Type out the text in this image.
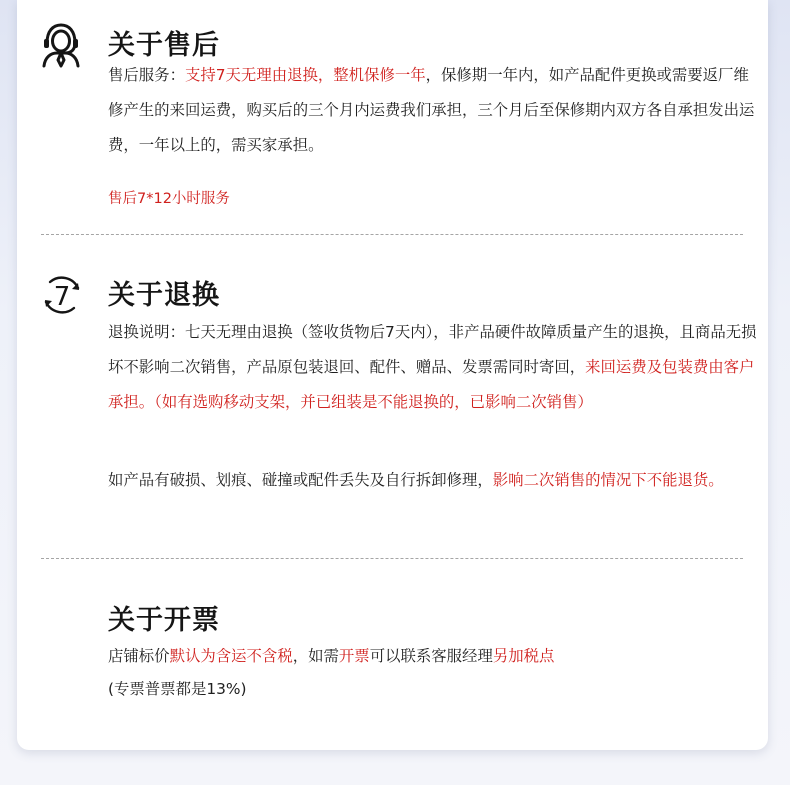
关于售后
售后服务：支持7天无理由退换，整机保修一年，保修期一年内，如产品配件更换或需要返厂维修产生的来回运费，购买后的三个月内运费我们承担，三个月后至保修期内双方各自承担发出运费，一年以上的，需买家承担。
售后7*12小时服务
7 关于退换
退换说明：七天无理由退换（签收货物后7天内），非产品硬件故障质量产生的退换，且商品无损坏不影响二次销售，产品原包装退回、配件、赠品、发票需同时寄回，来回运费及包装费由客户承担。（如有选购移动支架，并已组装是不能退换的，已影响二次销售）
如产品有破损、划痕、碰撞或配件丢失及自行拆卸修理，影响二次销售的情况下不能退货。
关于开票
店铺标价默认为含运不含税，如需开票可以联系客服经理另加税点
(专票普票都是13%)
